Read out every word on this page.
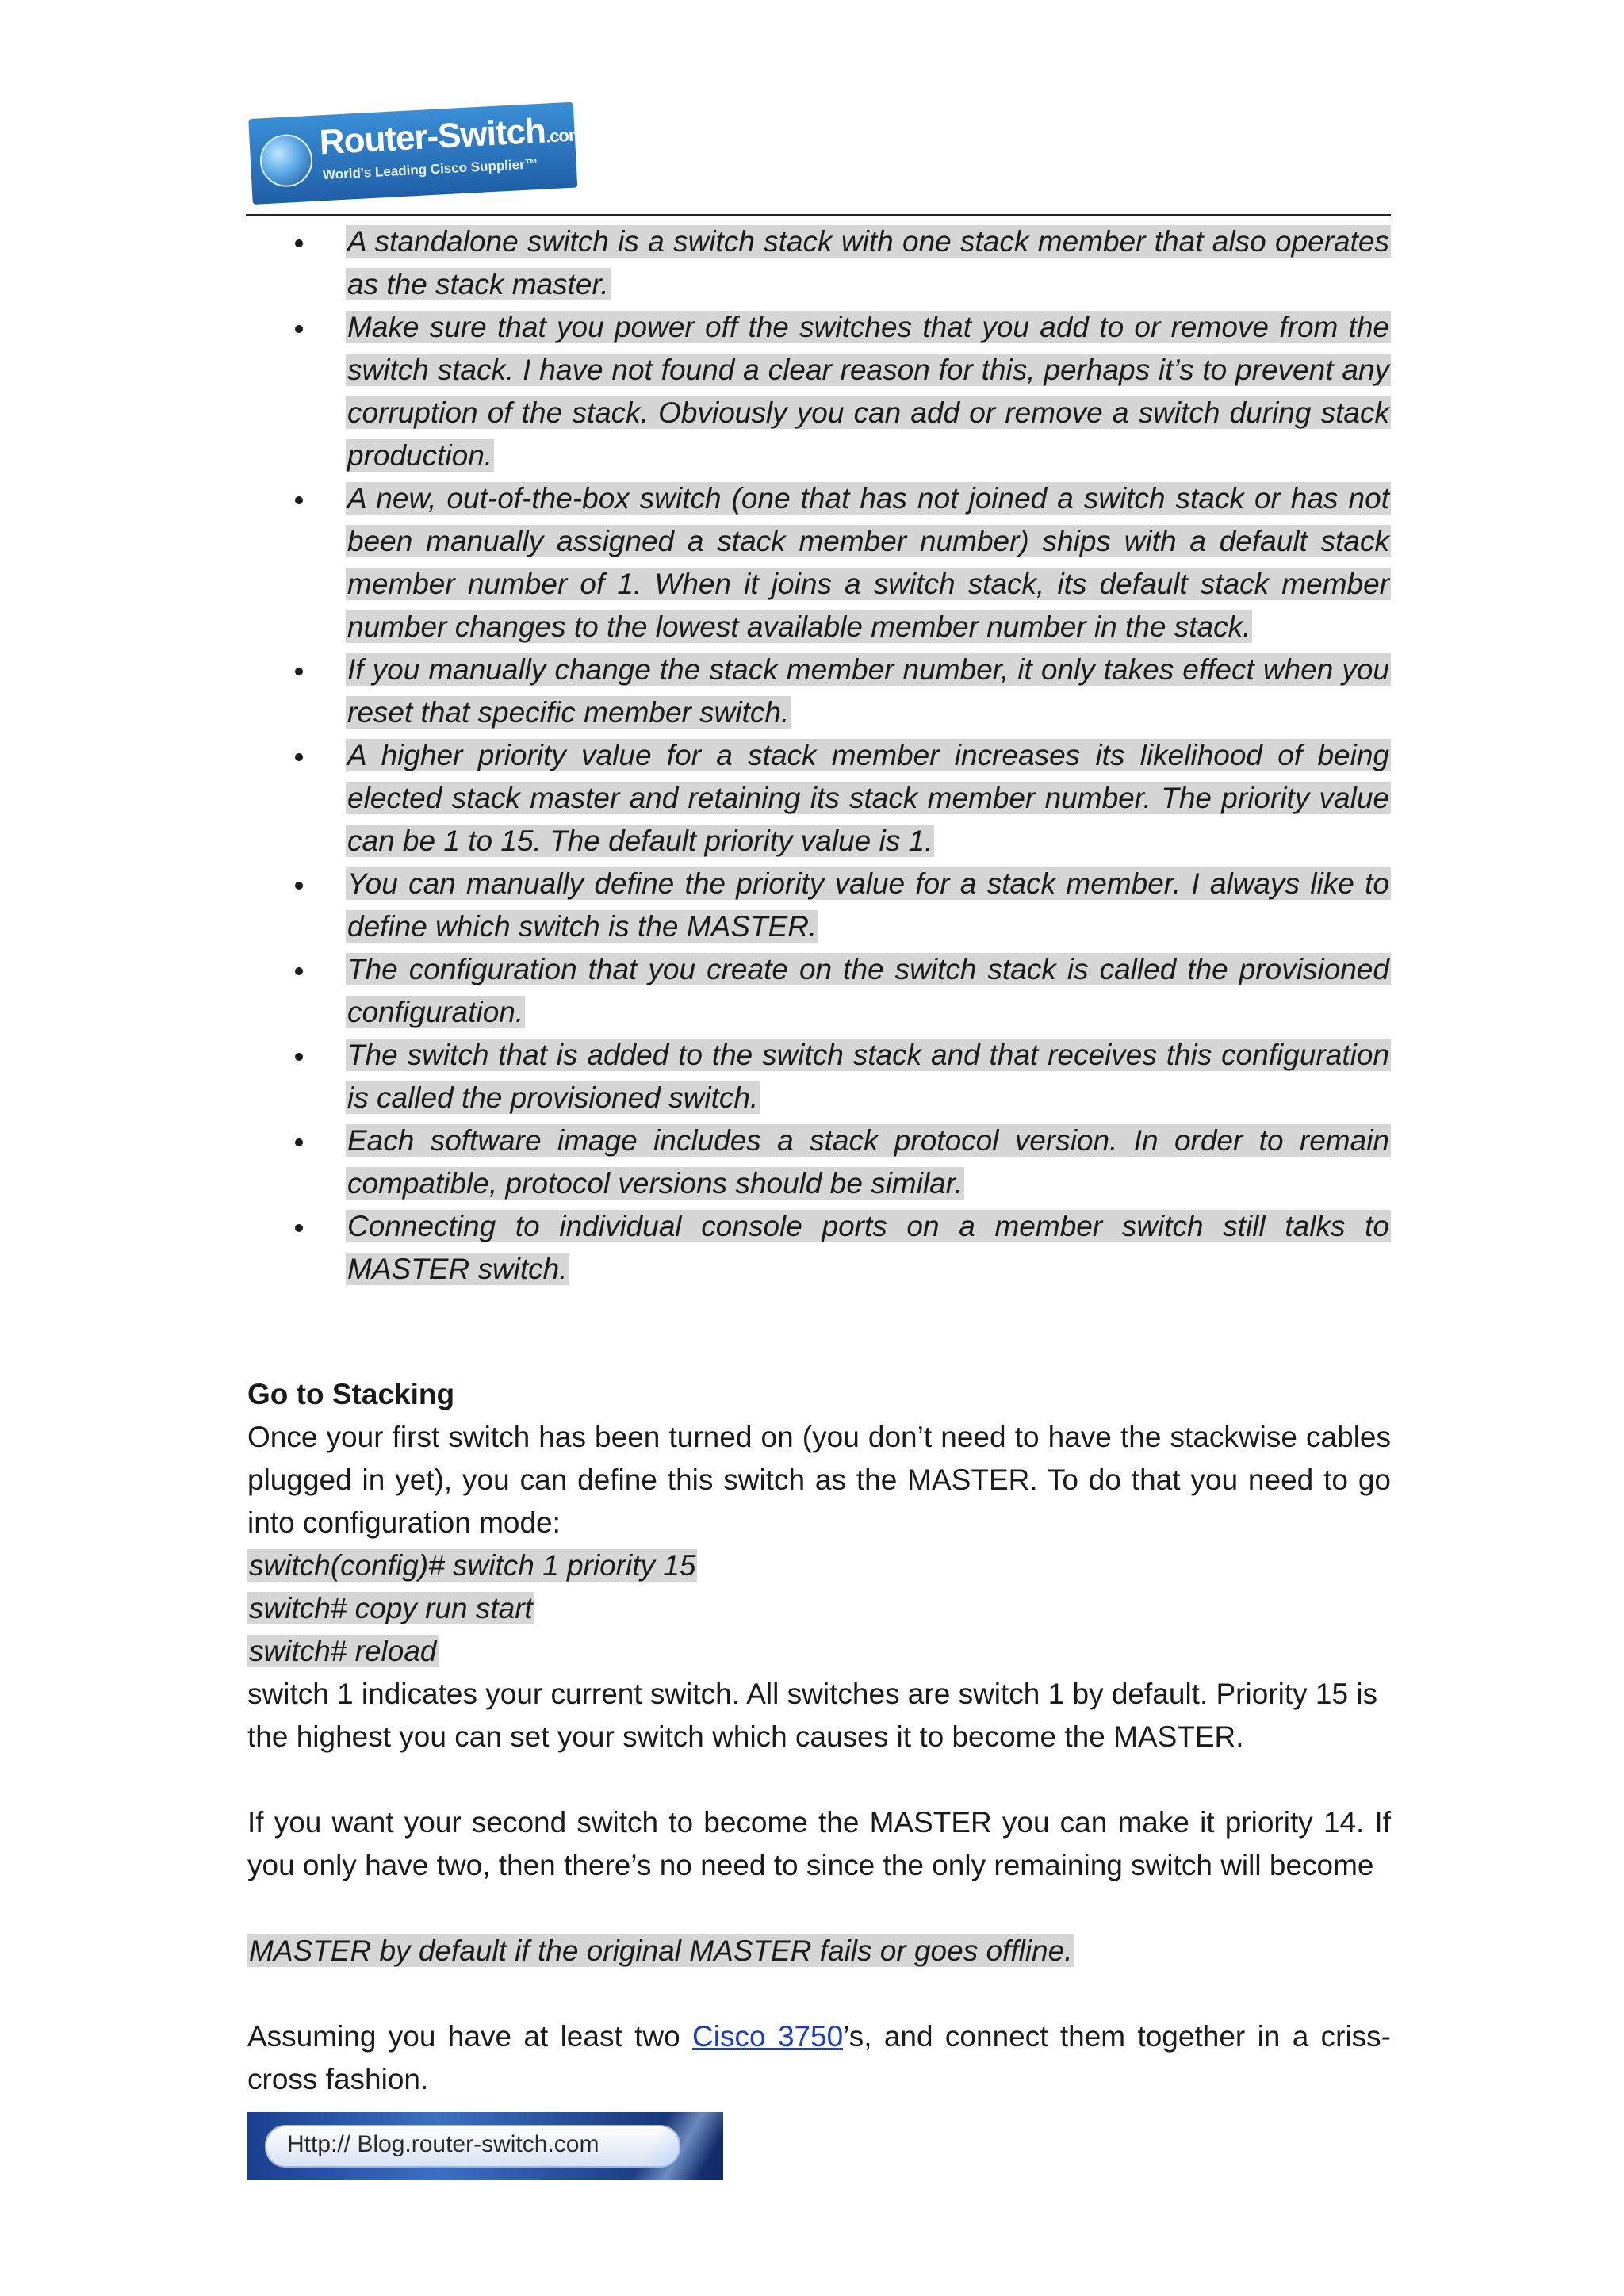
Router-Switch.com
World's Leading Cisco Supplier™
A standalone switch is a switch stack with one stack member that also operates as the stack master.
Make sure that you power off the switches that you add to or remove from the switch stack. I have not found a clear reason for this, perhaps it’s to prevent any corruption of the stack. Obviously you can add or remove a switch during stack production.
A new, out-of-the-box switch (one that has not joined a switch stack or has not been manually assigned a stack member number) ships with a default stack member number of 1. When it joins a switch stack, its default stack member number changes to the lowest available member number in the stack.
If you manually change the stack member number, it only takes effect when you reset that specific member switch.
A higher priority value for a stack member increases its likelihood of being elected stack master and retaining its stack member number. The priority value can be 1 to 15. The default priority value is 1.
You can manually define the priority value for a stack member. I always like to define which switch is the MASTER.
The configuration that you create on the switch stack is called the provisioned configuration.
The switch that is added to the switch stack and that receives this configuration is called the provisioned switch.
Each software image includes a stack protocol version. In order to remain compatible, protocol versions should be similar.
Connecting to individual console ports on a member switch still talks to MASTER switch.
Go to Stacking
Once your first switch has been turned on (you don’t need to have the stackwise cables plugged in yet), you can define this switch as the MASTER. To do that you need to go into configuration mode:
switch(config)# switch 1 priority 15
switch# copy run start
switch# reload
switch 1 indicates your current switch. All switches are switch 1 by default. Priority 15 is the highest you can set your switch which causes it to become the MASTER.
If you want your second switch to become the MASTER you can make it priority 14. If you only have two, then there’s no need to since the only remaining switch will become
MASTER by default if the original MASTER fails or goes offline.
Assuming you have at least two Cisco 3750’s, and connect them together in a criss-cross fashion.
Http:// Blog.router-switch.com
